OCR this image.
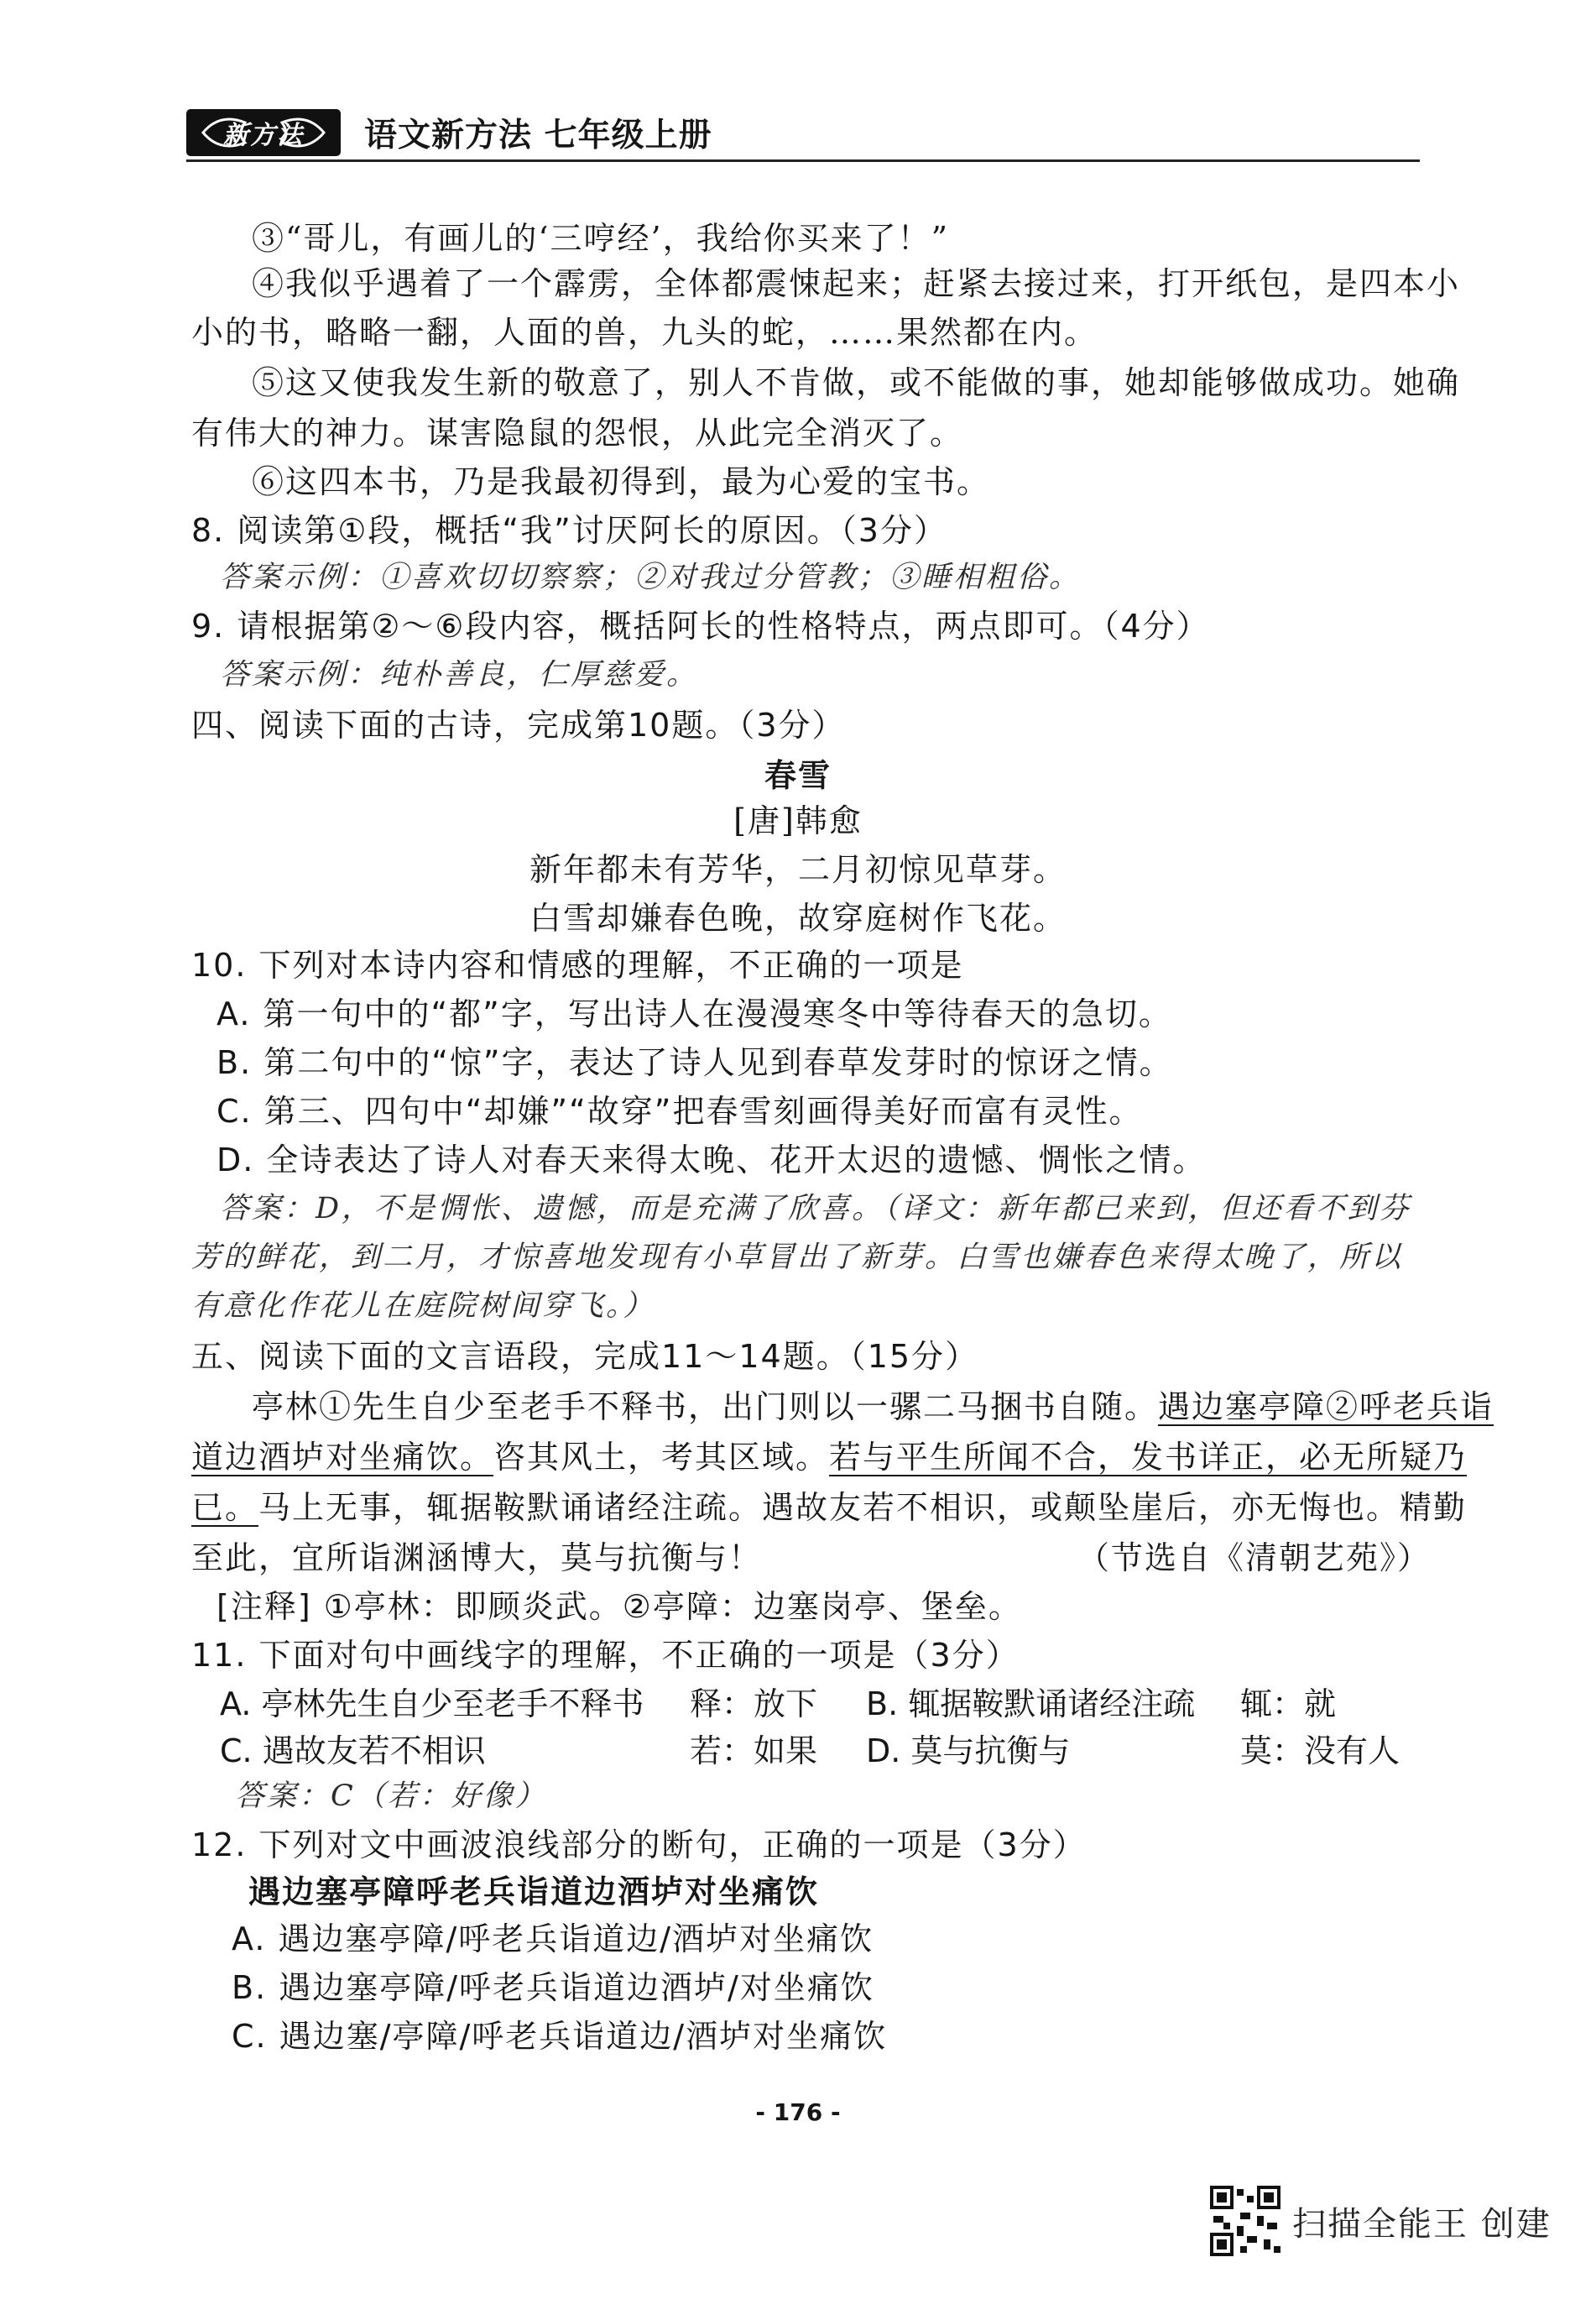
新方法 语文新方法 七年级上册
③“哥儿，有画儿的‘三哼经’，我给你买来了！”
④我似乎遇着了一个霹雳，全体都震悚起来；赶紧去接过来，打开纸包，是四本小
小的书，略略一翻，人面的兽，九头的蛇，……果然都在内。
⑤这又使我发生新的敬意了，别人不肯做，或不能做的事，她却能够做成功。她确
有伟大的神力。谋害隐鼠的怨恨，从此完全消灭了。
⑥这四本书，乃是我最初得到，最为心爱的宝书。
8. 阅读第①段，概括“我”讨厌阿长的原因。（3分）
答案示例：①喜欢切切察察；②对我过分管教；③睡相粗俗。
9. 请根据第②～⑥段内容，概括阿长的性格特点，两点即可。（4分）
答案示例：纯朴善良，仁厚慈爱。
四、阅读下面的古诗，完成第10题。（3分）
春雪
[唐]韩愈
新年都未有芳华，二月初惊见草芽。
白雪却嫌春色晚，故穿庭树作飞花。
10. 下列对本诗内容和情感的理解，不正确的一项是
A. 第一句中的“都”字，写出诗人在漫漫寒冬中等待春天的急切。
B. 第二句中的“惊”字，表达了诗人见到春草发芽时的惊讶之情。
C. 第三、四句中“却嫌”“故穿”把春雪刻画得美好而富有灵性。
D. 全诗表达了诗人对春天来得太晚、花开太迟的遗憾、惆怅之情。
答案：D，不是惆怅、遗憾，而是充满了欣喜。（译文：新年都已来到，但还看不到芬
芳的鲜花，到二月，才惊喜地发现有小草冒出了新芽。白雪也嫌春色来得太晚了，所以
有意化作花儿在庭院树间穿飞。）
五、阅读下面的文言语段，完成11～14题。（15分）
亭林①先生自少至老手不释书，出门则以一骡二马捆书自随。遇边塞亭障②呼老兵诣
道边酒垆对坐痛饮。咨其风土，考其区域。若与平生所闻不合，发书详正，必无所疑乃
已。马上无事，辄据鞍默诵诸经注疏。遇故友若不相识，或颠坠崖后，亦无悔也。精勤
至此，宜所诣渊涵博大，莫与抗衡与！	（节选自《清朝艺苑》）
[注释] ①亭林：即顾炎武。②亭障：边塞岗亭、堡垒。
11. 下面对句中画线字的理解，不正确的一项是（3分）
A. 亭林先生自少至老手不释书	释：放下	B. 辄据鞍默诵诸经注疏	辄：就
C. 遇故友若不相识	若：如果	D. 莫与抗衡与	莫：没有人
答案：C（若：好像）
12. 下列对文中画波浪线部分的断句，正确的一项是（3分）
遇边塞亭障呼老兵诣道边酒垆对坐痛饮
A. 遇边塞亭障/呼老兵诣道边/酒垆对坐痛饮
B. 遇边塞亭障/呼老兵诣道边酒垆/对坐痛饮
C. 遇边塞/亭障/呼老兵诣道边/酒垆对坐痛饮
- 176 -
扫描全能王 创建
